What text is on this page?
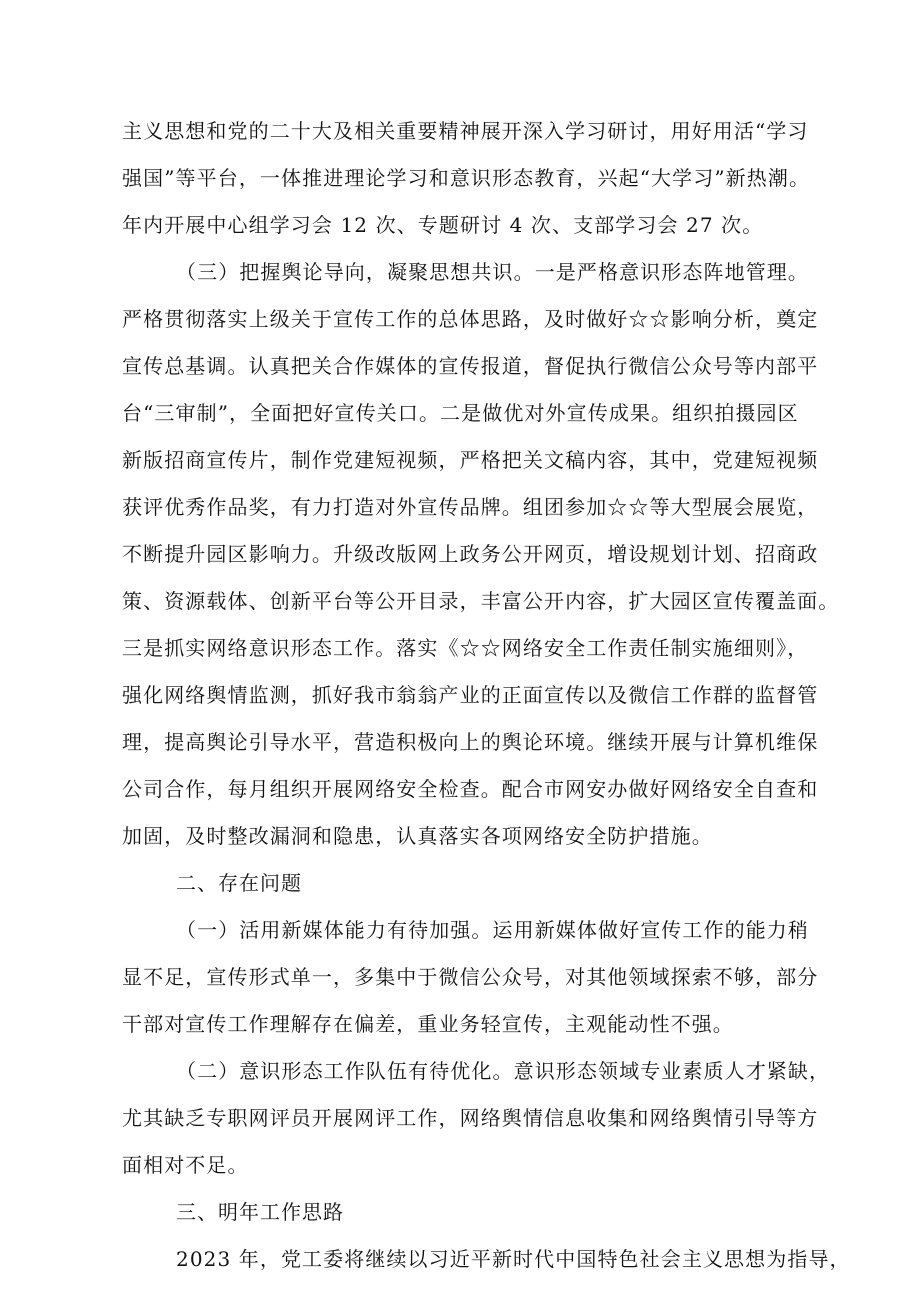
主义思想和党的二十大及相关重要精神展开深入学习研讨，用好用活“学习
强国”等平台，一体推进理论学习和意识形态教育，兴起“大学习”新热潮。
年内开展中心组学习会 12 次、专题研讨 4 次、支部学习会 27 次。
（三）把握舆论导向，凝聚思想共识。一是严格意识形态阵地管理。
严格贯彻落实上级关于宣传工作的总体思路，及时做好☆☆影响分析，奠定
宣传总基调。认真把关合作媒体的宣传报道，督促执行微信公众号等内部平
台“三审制”，全面把好宣传关口。二是做优对外宣传成果。组织拍摄园区
新版招商宣传片，制作党建短视频，严格把关文稿内容，其中，党建短视频
获评优秀作品奖，有力打造对外宣传品牌。组团参加☆☆等大型展会展览，
不断提升园区影响力。升级改版网上政务公开网页，增设规划计划、招商政
策、资源载体、创新平台等公开目录，丰富公开内容，扩大园区宣传覆盖面。
三是抓实网络意识形态工作。落实《☆☆网络安全工作责任制实施细则》，
强化网络舆情监测，抓好我市翁翁产业的正面宣传以及微信工作群的监督管
理，提高舆论引导水平，营造积极向上的舆论环境。继续开展与计算机维保
公司合作，每月组织开展网络安全检查。配合市网安办做好网络安全自查和
加固，及时整改漏洞和隐患，认真落实各项网络安全防护措施。
二、存在问题
（一）活用新媒体能力有待加强。运用新媒体做好宣传工作的能力稍
显不足，宣传形式单一，多集中于微信公众号，对其他领域探索不够，部分
干部对宣传工作理解存在偏差，重业务轻宣传，主观能动性不强。
（二）意识形态工作队伍有待优化。意识形态领域专业素质人才紧缺，
尤其缺乏专职网评员开展网评工作，网络舆情信息收集和网络舆情引导等方
面相对不足。
三、明年工作思路
2023 年，党工委将继续以习近平新时代中国特色社会主义思想为指导，
